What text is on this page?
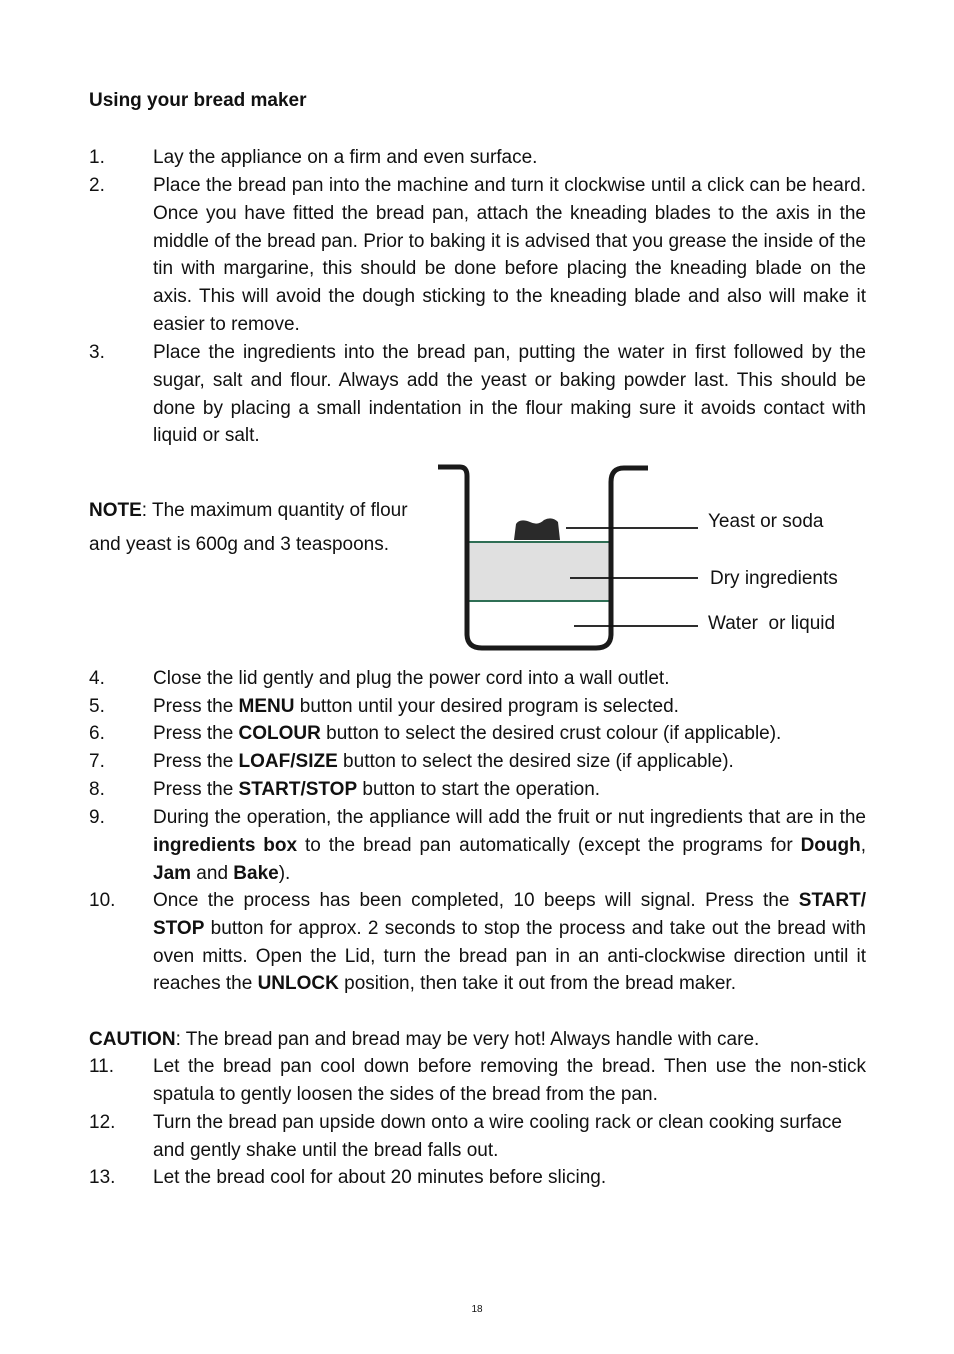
Using your bread maker
1.	Lay the appliance on a firm and even surface.
2.	Place the bread pan into the machine and turn it clockwise until a click can be heard. Once you have fitted the bread pan, attach the kneading blades to the axis in the middle of the bread pan. Prior to baking it is advised that you grease the inside of the tin with margarine, this should be done before placing the kneading blade on the axis. This will avoid the dough sticking to the kneading blade and also will make it easier to remove.
3.	Place the ingredients into the bread pan, putting the water in first followed by the sugar, salt and flour. Always add the yeast or baking powder last. This should be done by placing a small indentation in the flour making sure it avoids contact with liquid or salt.
NOTE: The maximum quantity of flour and yeast is 600g and 3 teaspoons.
Yeast or soda
Dry ingredients
Water  or liquid
4.	Close the lid gently and plug the power cord into a wall outlet.
5.	Press the MENU button until your desired program is selected.
6.	Press the COLOUR button to select the desired crust colour (if applicable).
7.	Press the LOAF/SIZE button to select the desired size (if applicable).
8.	Press the START/STOP button to start the operation.
9.	During the operation, the appliance will add the fruit or nut ingredients that are in the ingredients box to the bread pan automatically (except the programs for Dough, Jam and Bake).
10. Once the process has been completed, 10 beeps will signal. Press the START/ STOP button for approx. 2 seconds to stop the process and take out the bread with oven mitts. Open the Lid, turn the bread pan in an anti-clockwise direction until it reaches the UNLOCK position, then take it out from the bread maker.
CAUTION: The bread pan and bread may be very hot! Always handle with care.
11. Let the bread pan cool down before removing the bread. Then use the non-stick spatula to gently loosen the sides of the bread from the pan.
12. Turn the bread pan upside down onto a wire cooling rack or clean cooking surface and gently shake until the bread falls out.
13. Let the bread cool for about 20 minutes before slicing.
18
